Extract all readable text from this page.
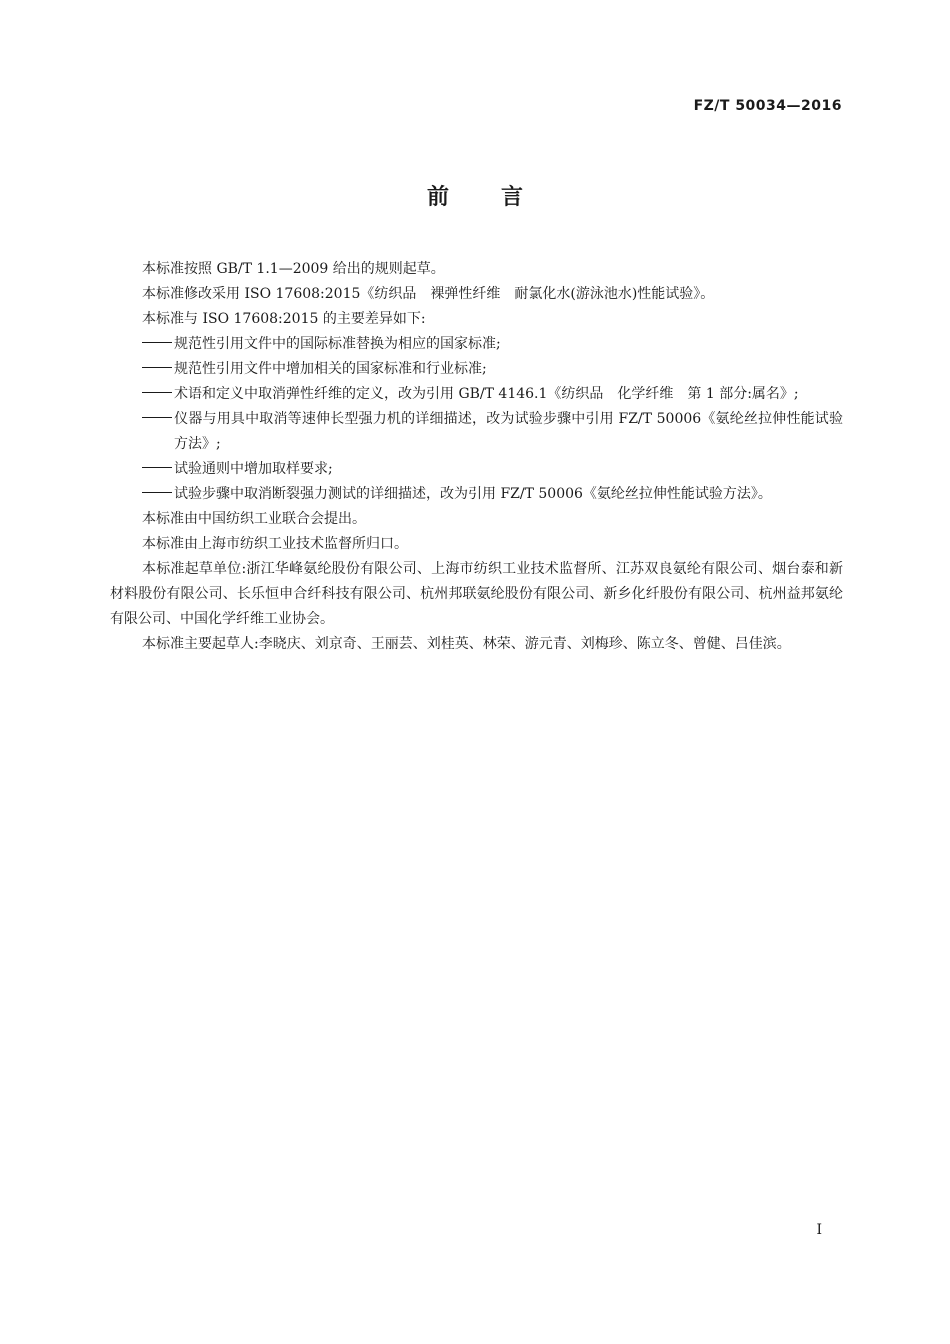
FZ/T 50034—2016
前言

本标准按照 GB/T 1.1—2009 给出的规则起草。

本标准修改采用 ISO 17608:2015《纺织品　裸弹性纤维　耐氯化水(游泳池水)性能试验》。

本标准与 ISO 17608:2015 的主要差异如下:

规范性引用文件中的国际标准替换为相应的国家标准;

规范性引用文件中增加相关的国家标准和行业标准;

术语和定义中取消弹性纤维的定义，改为引用 GB/T 4146.1《纺织品　化学纤维　第 1 部分:属名》;

仪器与用具中取消等速伸长型强力机的详细描述，改为试验步骤中引用 FZ/T 50006《氨纶丝拉伸性能试验方法》;

试验通则中增加取样要求;

试验步骤中取消断裂强力测试的详细描述，改为引用 FZ/T 50006《氨纶丝拉伸性能试验方法》。

本标准由中国纺织工业联合会提出。

本标准由上海市纺织工业技术监督所归口。

本标准起草单位:浙江华峰氨纶股份有限公司、上海市纺织工业技术监督所、江苏双良氨纶有限公司、烟台泰和新材料股份有限公司、长乐恒申合纤科技有限公司、杭州邦联氨纶股份有限公司、新乡化纤股份有限公司、杭州益邦氨纶有限公司、中国化学纤维工业协会。

本标准主要起草人:李晓庆、刘京奇、王丽芸、刘桂英、林荣、游元青、刘梅珍、陈立冬、曾健、吕佳滨。

I
